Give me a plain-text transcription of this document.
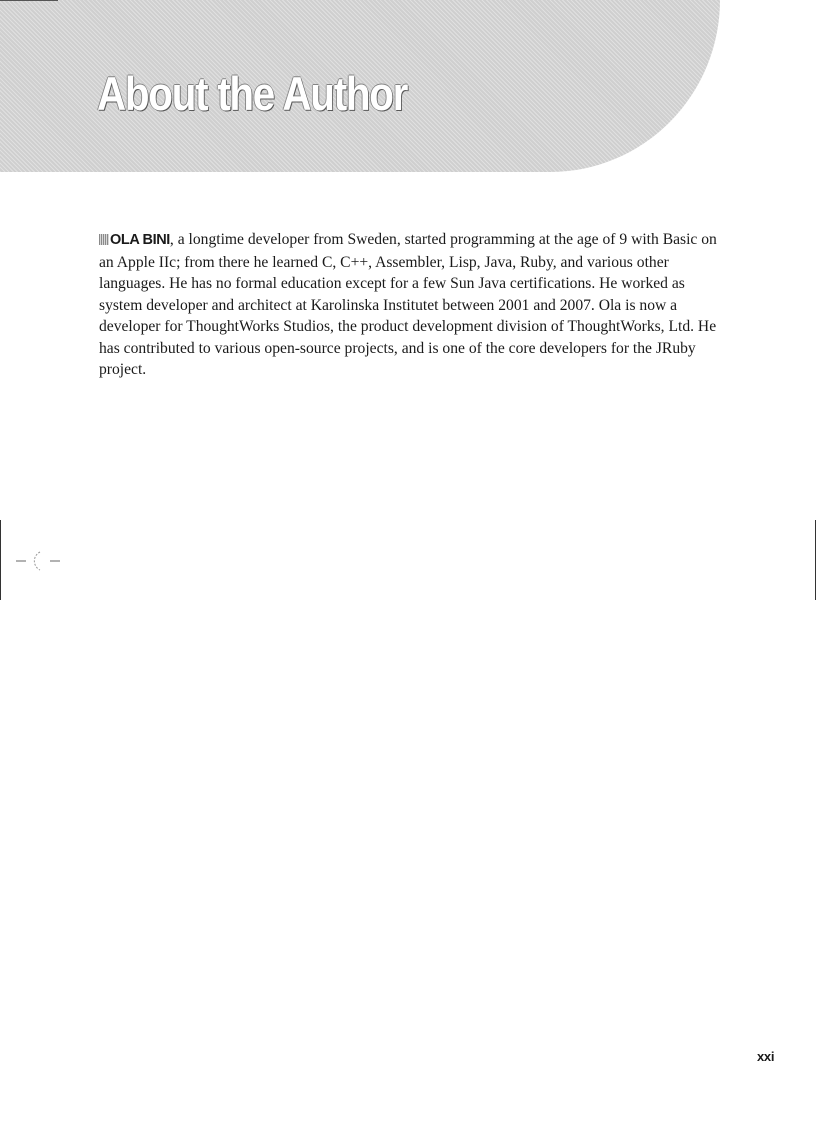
About the Author

OLA BINI, a longtime developer from Sweden, started programming at the age of 9 with Basic on an Apple IIc; from there he learned C, C++, Assembler, Lisp, Java, Ruby, and various other languages. He has no formal education except for a few Sun Java certifications. He worked as system developer and architect at Karolinska Institutet between 2001 and 2007. Ola is now a developer for ThoughtWorks Studios, the product development division of ThoughtWorks, Ltd. He has contributed to various open-source projects, and is one of the core developers for the JRuby project.

xxi
